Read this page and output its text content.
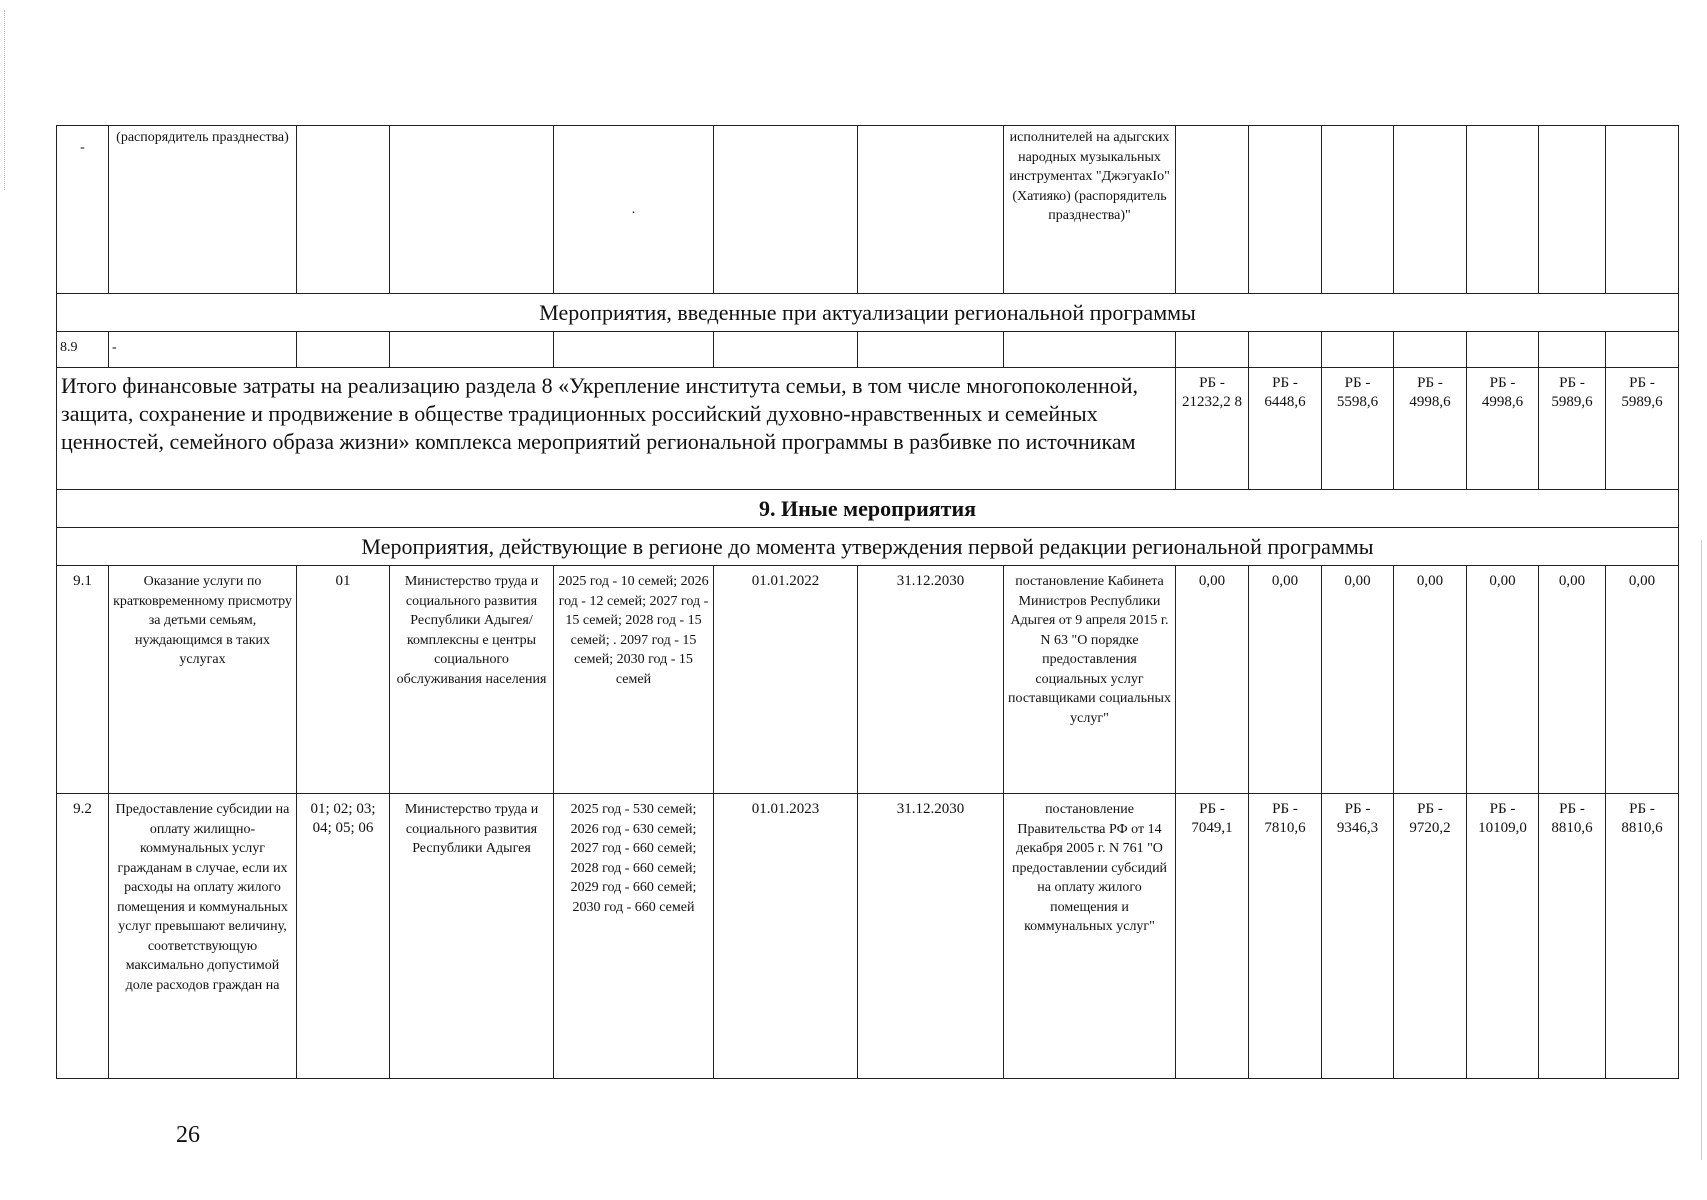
-	(распорядитель празднества)			.			исполнителей на адыгских народных музыкальных инструментах "ДжэгуакIо" (Хатияко) (распорядитель празднества)"							
Мероприятия, введенные при актуализации региональной программы														
8.9	-													
Итого финансовые затраты на реализацию раздела 8 «Укрепление института семьи, в том числе многопоколенной, защита, сохранение и продвижение в обществе традиционных российский духовно-нравственных и семейных ценностей, семейного образа жизни» комплекса мероприятий региональной программы в разбивке по источникам								РБ - 21232,2 8	РБ - 6448,6	РБ - 5598,6	РБ - 4998,6	РБ - 4998,6	РБ - 5989,6	РБ - 5989,6
9. Иные мероприятия														
Мероприятия, действующие в регионе до момента утверждения первой редакции региональной программы														
9.1	Оказание услуги по кратковременному присмотру за детьми семьям, нуждающимся в таких услугах	01	Министерство труда и социального развития Республики Адыгея/комплексны е центры социального обслуживания населения	2025 год - 10 семей; 2026 год - 12 семей; 2027 год - 15 семей; 2028 год - 15 семей; . 2097 год - 15 семей; 2030 год - 15 семей	01.01.2022	31.12.2030	постановление Кабинета Министров Республики Адыгея от 9 апреля 2015 г. N 63 "О порядке предоставления социальных услуг поставщиками социальных услуг"	0,00	0,00	0,00	0,00	0,00	0,00	0,00
9.2	Предоставление субсидии на оплату жилищно-коммунальных услуг гражданам в случае, если их расходы на оплату жилого помещения и коммунальных услуг превышают величину, соответствующую максимально допустимой доле расходов граждан на	01; 02; 03; 04; 05; 06	Министерство труда и социального развития Республики Адыгея	2025 год - 530 семей; 2026 год - 630 семей; 2027 год - 660 семей; 2028 год - 660 семей; 2029 год - 660 семей; 2030 год - 660 семей	01.01.2023	31.12.2030	постановление Правительства РФ от 14 декабря 2005 г. N 761 "О предоставлении субсидий на оплату жилого помещения и коммунальных услуг"	РБ - 7049,1	РБ - 7810,6	РБ - 9346,3	РБ - 9720,2	РБ - 10109,0	РБ - 8810,6	РБ - 8810,6
26
